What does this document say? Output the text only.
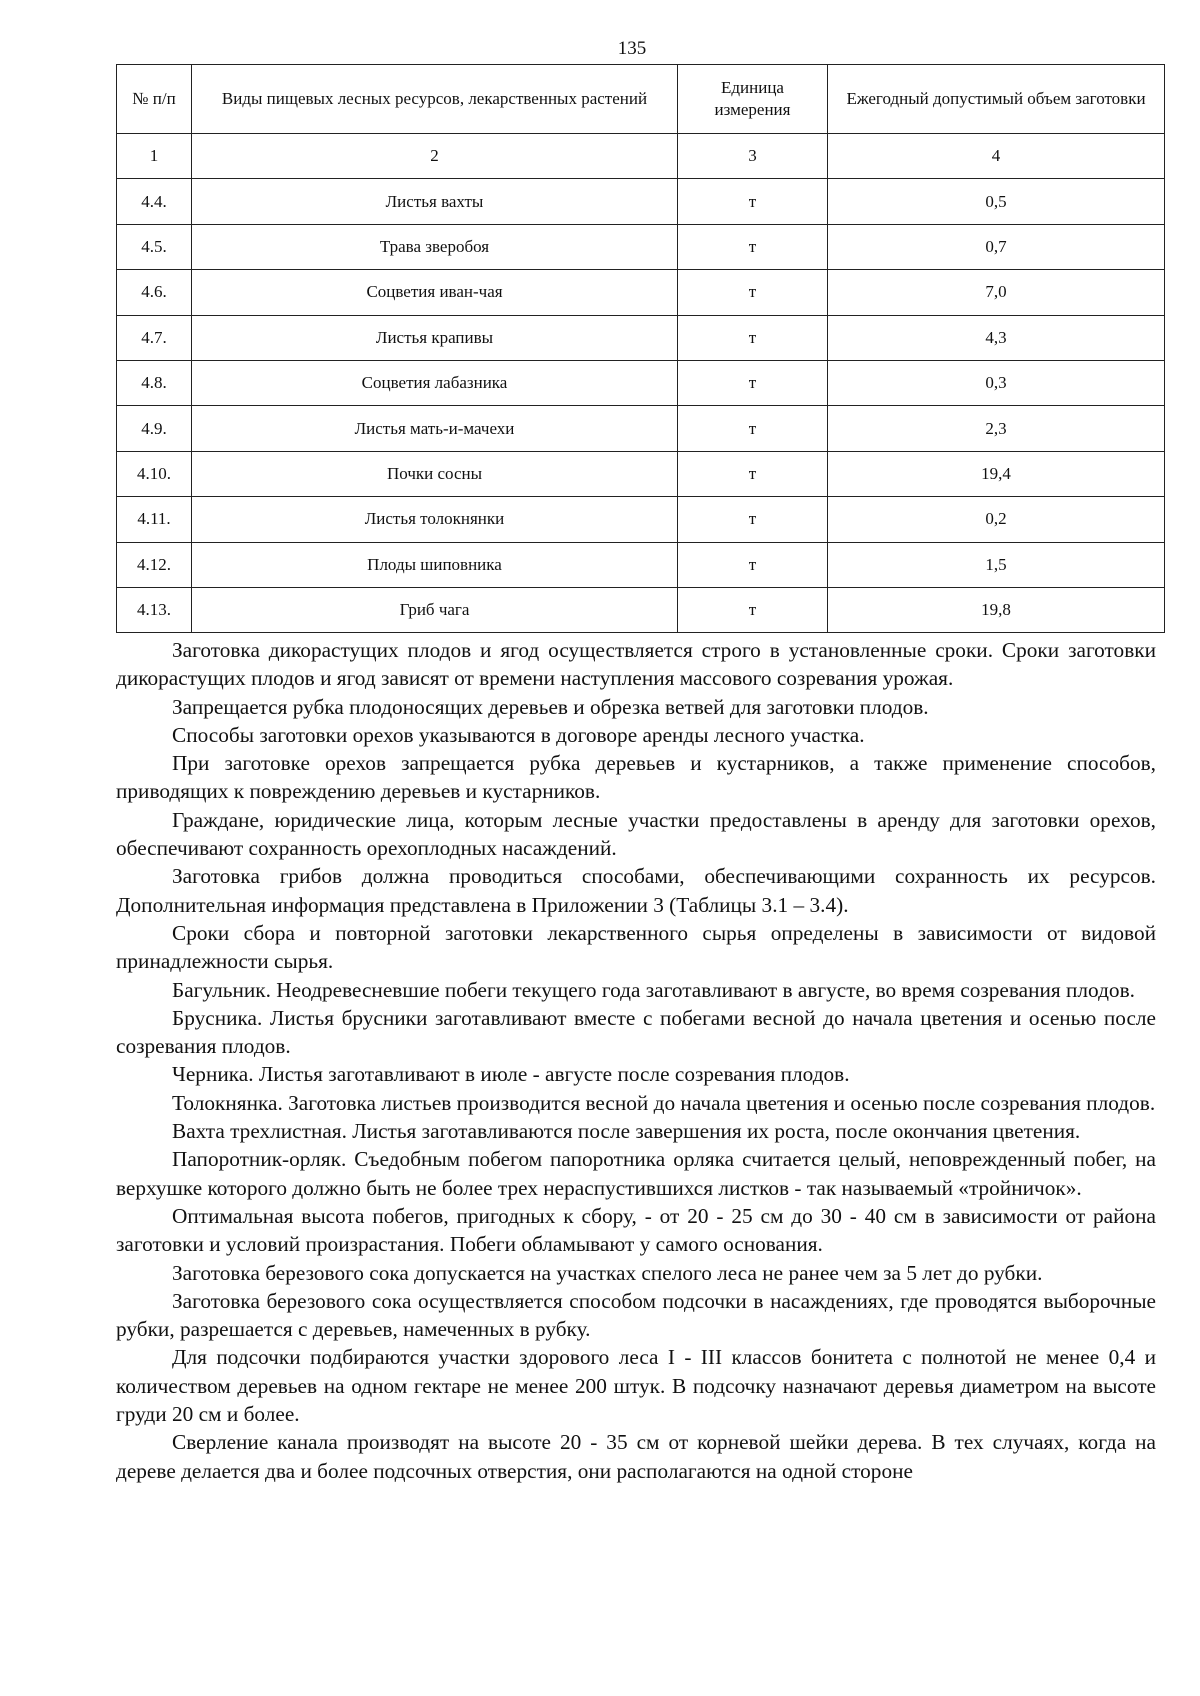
135
№ п/п	Виды пищевых лесных ресурсов, лекарственных растений	Единица измерения	Ежегодный допустимый объем заготовки
1	2	3	4
4.4.	Листья вахты	т	0,5
4.5.	Трава зверобоя	т	0,7
4.6.	Соцветия иван-чая	т	7,0
4.7.	Листья крапивы	т	4,3
4.8.	Соцветия лабазника	т	0,3
4.9.	Листья мать-и-мачехи	т	2,3
4.10.	Почки сосны	т	19,4
4.11.	Листья толокнянки	т	0,2
4.12.	Плоды шиповника	т	1,5
4.13.	Гриб чага	т	19,8

Заготовка дикорастущих плодов и ягод осуществляется строго в установленные сроки. Сроки заготовки дикорастущих плодов и ягод зависят от времени наступления массового созревания урожая.

Запрещается рубка плодоносящих деревьев и обрезка ветвей для заготовки плодов.

Способы заготовки орехов указываются в договоре аренды лесного участка.

При заготовке орехов запрещается рубка деревьев и кустарников, а также применение способов, приводящих к повреждению деревьев и кустарников.

Граждане, юридические лица, которым лесные участки предоставлены в аренду для заготовки орехов, обеспечивают сохранность орехоплодных насаждений.

Заготовка грибов должна проводиться способами, обеспечивающими сохранность их ресурсов. Дополнительная информация представлена в Приложении 3 (Таблицы 3.1 – 3.4).

Сроки сбора и повторной заготовки лекарственного сырья определены в зависимости от видовой принадлежности сырья.

Багульник. Неодревесневшие побеги текущего года заготавливают в августе, во время созревания плодов.

Брусника. Листья брусники заготавливают вместе с побегами весной до начала цветения и осенью после созревания плодов.

Черника. Листья заготавливают в июле - августе после созревания плодов.

Толокнянка. Заготовка листьев производится весной до начала цветения и осенью после созревания плодов.

Вахта трехлистная. Листья заготавливаются после завершения их роста, после окончания цветения.

Папоротник-орляк. Съедобным побегом папоротника орляка считается целый, неповрежденный побег, на верхушке которого должно быть не более трех нераспустившихся листков - так называемый «тройничок».

Оптимальная высота побегов, пригодных к сбору, - от 20 - 25 см до 30 - 40 см в зависимости от района заготовки и условий произрастания. Побеги обламывают у самого основания.

Заготовка березового сока допускается на участках спелого леса не ранее чем за 5 лет до рубки.

Заготовка березового сока осуществляется способом подсочки в насаждениях, где проводятся выборочные рубки, разрешается с деревьев, намеченных в рубку.

Для подсочки подбираются участки здорового леса I - III классов бонитета с полнотой не менее 0,4 и количеством деревьев на одном гектаре не менее 200 штук. В подсочку назначают деревья диаметром на высоте груди 20 см и более.

Сверление канала производят на высоте 20 - 35 см от корневой шейки дерева. В тех случаях, когда на дереве делается два и более подсочных отверстия, они располагаются на одной стороне
